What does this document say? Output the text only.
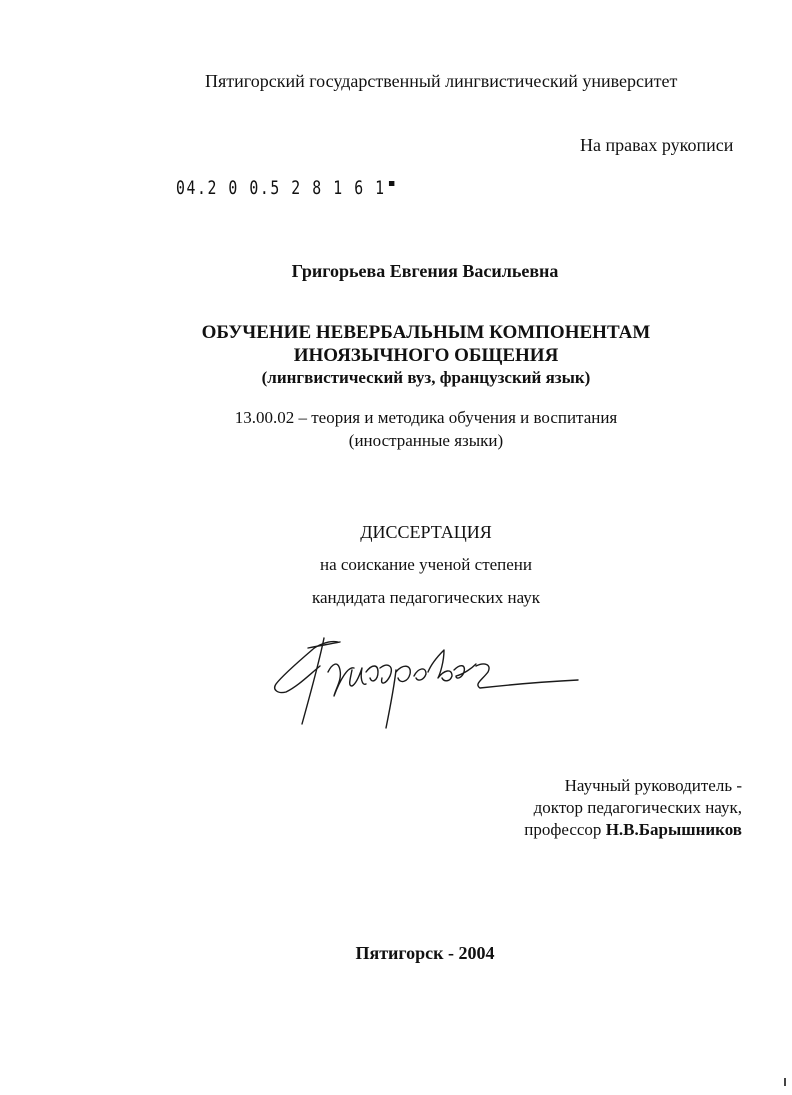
Пятигорский государственный лингвистический университет
На правах рукописи
04.2 0 0.5 2 8 1 6 1
Григорьева Евгения Васильевна
ОБУЧЕНИЕ НЕВЕРБАЛЬНЫМ КОМПОНЕНТАМ
ИНОЯЗЫЧНОГО ОБЩЕНИЯ
(лингвистический вуз, французский язык)
13.00.02 – теория и методика обучения и воспитания
(иностранные языки)
ДИССЕРТАЦИЯ
на соискание ученой степени
кандидата педагогических наук
Научный руководитель -
доктор педагогических наук,
профессор Н.В.Барышников
Пятигорск - 2004
